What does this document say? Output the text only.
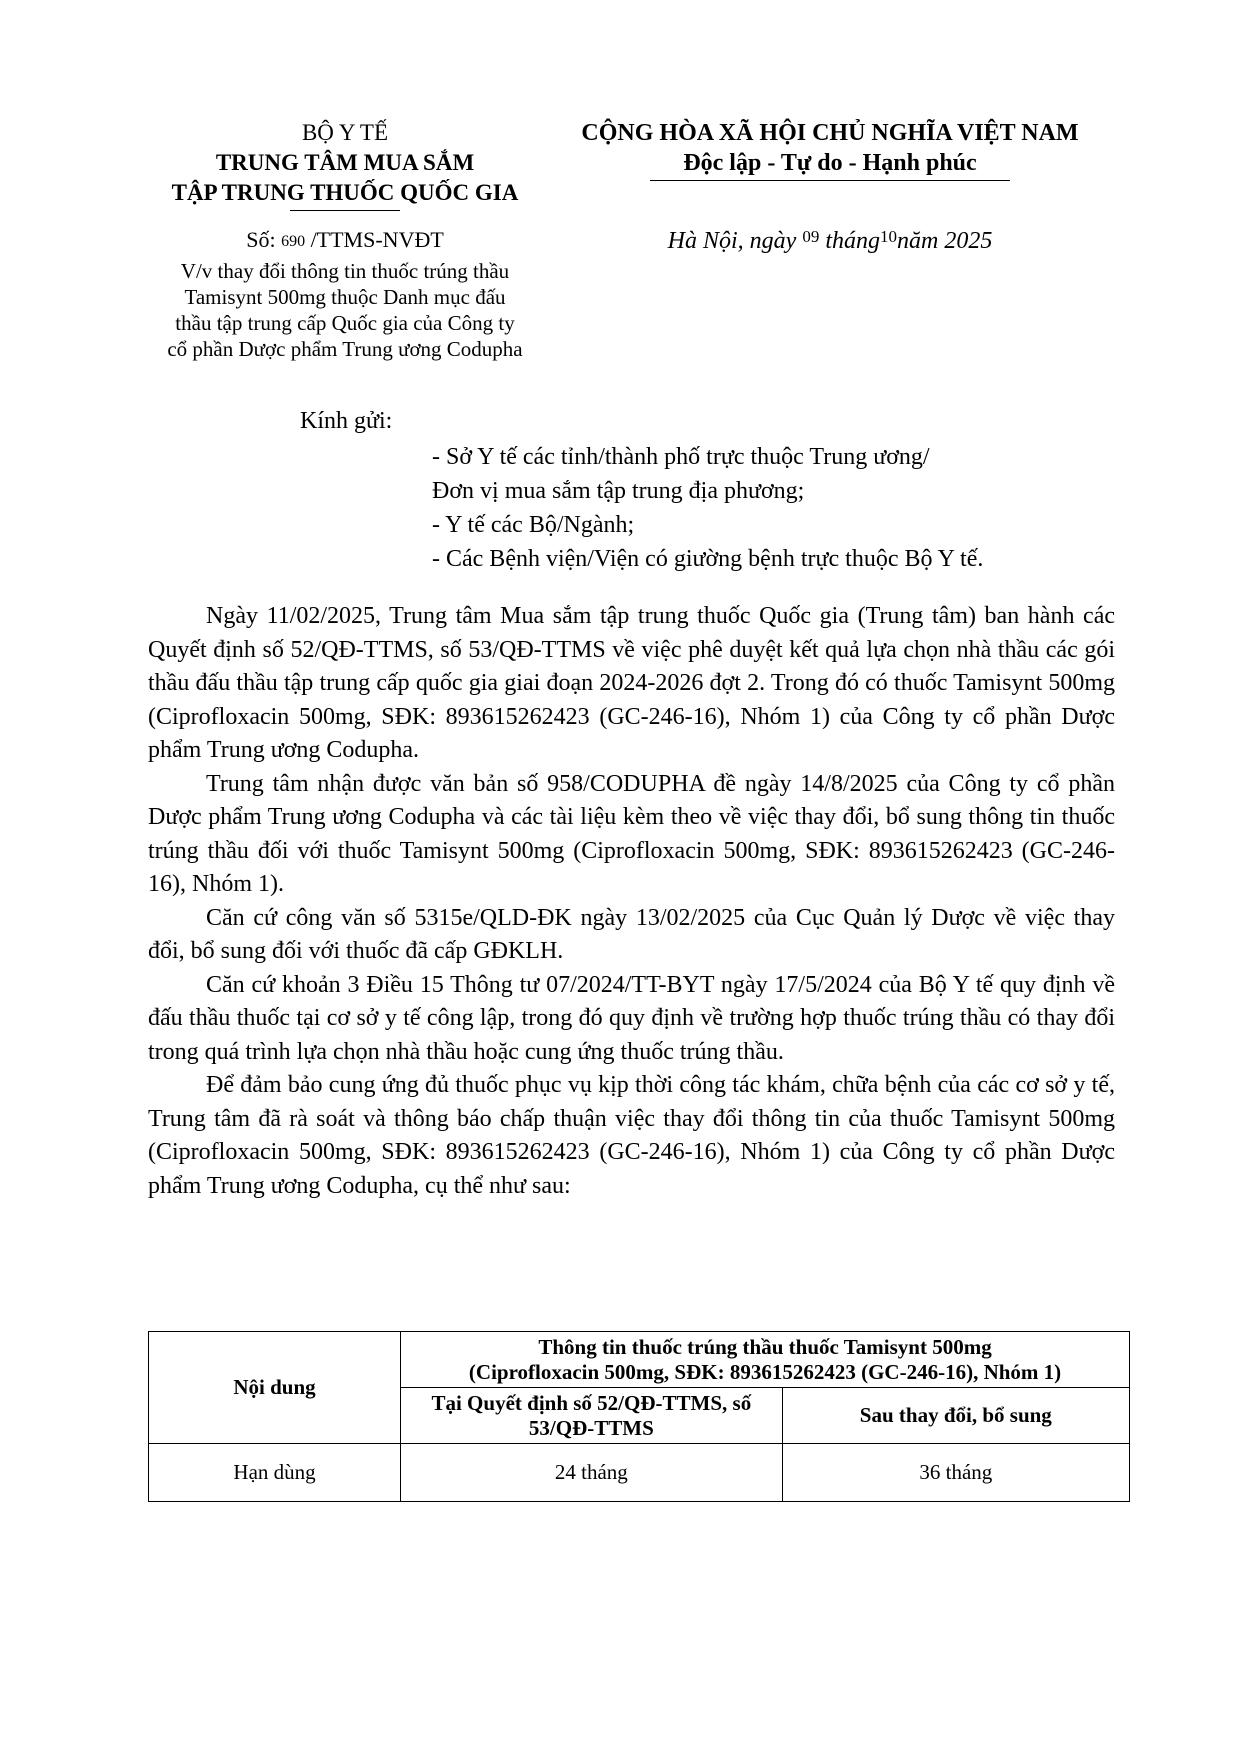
BỘ Y TẾ
TRUNG TÂM MUA SẮM
TẬP TRUNG THUỐC QUỐC GIA
CỘNG HÒA XÃ HỘI CHỦ NGHĨA VIỆT NAM
Độc lập - Tự do - Hạnh phúc
Số: 690 /TTMS-NVĐT	Hà Nội, ngày $^{09}$ tháng$^{10}$năm 2025
V/v thay đổi thông tin thuốc trúng thầu
Tamisynt 500mg thuộc Danh mục đấu
thầu tập trung cấp Quốc gia của Công ty
cổ phần Dược phẩm Trung ương Codupha
Kính gửi:
- Sở Y tế các tỉnh/thành phố trực thuộc Trung ương/
Đơn vị mua sắm tập trung địa phương;
- Y tế các Bộ/Ngành;
- Các Bệnh viện/Viện có giường bệnh trực thuộc Bộ Y tế.

Ngày 11/02/2025, Trung tâm Mua sắm tập trung thuốc Quốc gia (Trung tâm) ban hành các Quyết định số 52/QĐ-TTMS, số 53/QĐ-TTMS về việc phê duyệt kết quả lựa chọn nhà thầu các gói thầu đấu thầu tập trung cấp quốc gia giai đoạn 2024-2026 đợt 2. Trong đó có thuốc Tamisynt 500mg (Ciprofloxacin 500mg, SĐK: 893615262423 (GC-246-16), Nhóm 1) của Công ty cổ phần Dược phẩm Trung ương Codupha.

Trung tâm nhận được văn bản số 958/CODUPHA đề ngày 14/8/2025 của Công ty cổ phần Dược phẩm Trung ương Codupha và các tài liệu kèm theo về việc thay đổi, bổ sung thông tin thuốc trúng thầu đối với thuốc Tamisynt 500mg (Ciprofloxacin 500mg, SĐK: 893615262423 (GC-246-16), Nhóm 1).

Căn cứ công văn số 5315e/QLD-ĐK ngày 13/02/2025 của Cục Quản lý Dược về việc thay đổi, bổ sung đối với thuốc đã cấp GĐKLH.

Căn cứ khoản 3 Điều 15 Thông tư 07/2024/TT-BYT ngày 17/5/2024 của Bộ Y tế quy định về đấu thầu thuốc tại cơ sở y tế công lập, trong đó quy định về trường hợp thuốc trúng thầu có thay đổi trong quá trình lựa chọn nhà thầu hoặc cung ứng thuốc trúng thầu.

Để đảm bảo cung ứng đủ thuốc phục vụ kịp thời công tác khám, chữa bệnh của các cơ sở y tế, Trung tâm đã rà soát và thông báo chấp thuận việc thay đổi thông tin của thuốc Tamisynt 500mg (Ciprofloxacin 500mg, SĐK: 893615262423 (GC-246-16), Nhóm 1) của Công ty cổ phần Dược phẩm Trung ương Codupha, cụ thể như sau:

Nội dung	Thông tin thuốc trúng thầu thuốc Tamisynt 500mg
(Ciprofloxacin 500mg, SĐK: 893615262423 (GC-246-16), Nhóm 1)	

	Tại Quyết định số 52/QĐ-TTMS, số 53/QĐ-TTMS	Sau thay đổi, bổ sung
Hạn dùng	24 tháng	36 tháng
